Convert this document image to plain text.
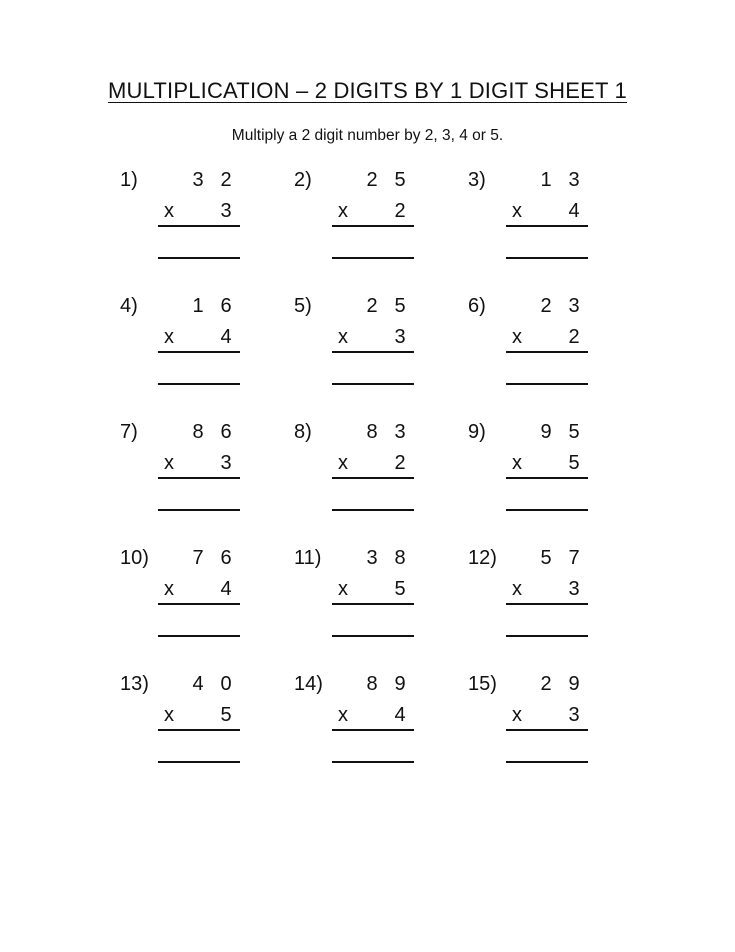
MULTIPLICATION – 2 DIGITS BY 1 DIGIT SHEET 1
Multiply a 2 digit number by 2, 3, 4 or 5.
1)	3 2
x 3
2)	2 5
x 2
3)	1 3
x 4
4)	1 6
x 4
5)	2 5
x 3
6)	2 3
x 2
7)	8 6
x 3
8)	8 3
x 2
9)	9 5
x 5
10) 7 6
x 4
11) 3 8
x 5
12) 5 7
x 3
13) 4 0
x 5
14) 8 9
x 4
15) 2 9
x 3
